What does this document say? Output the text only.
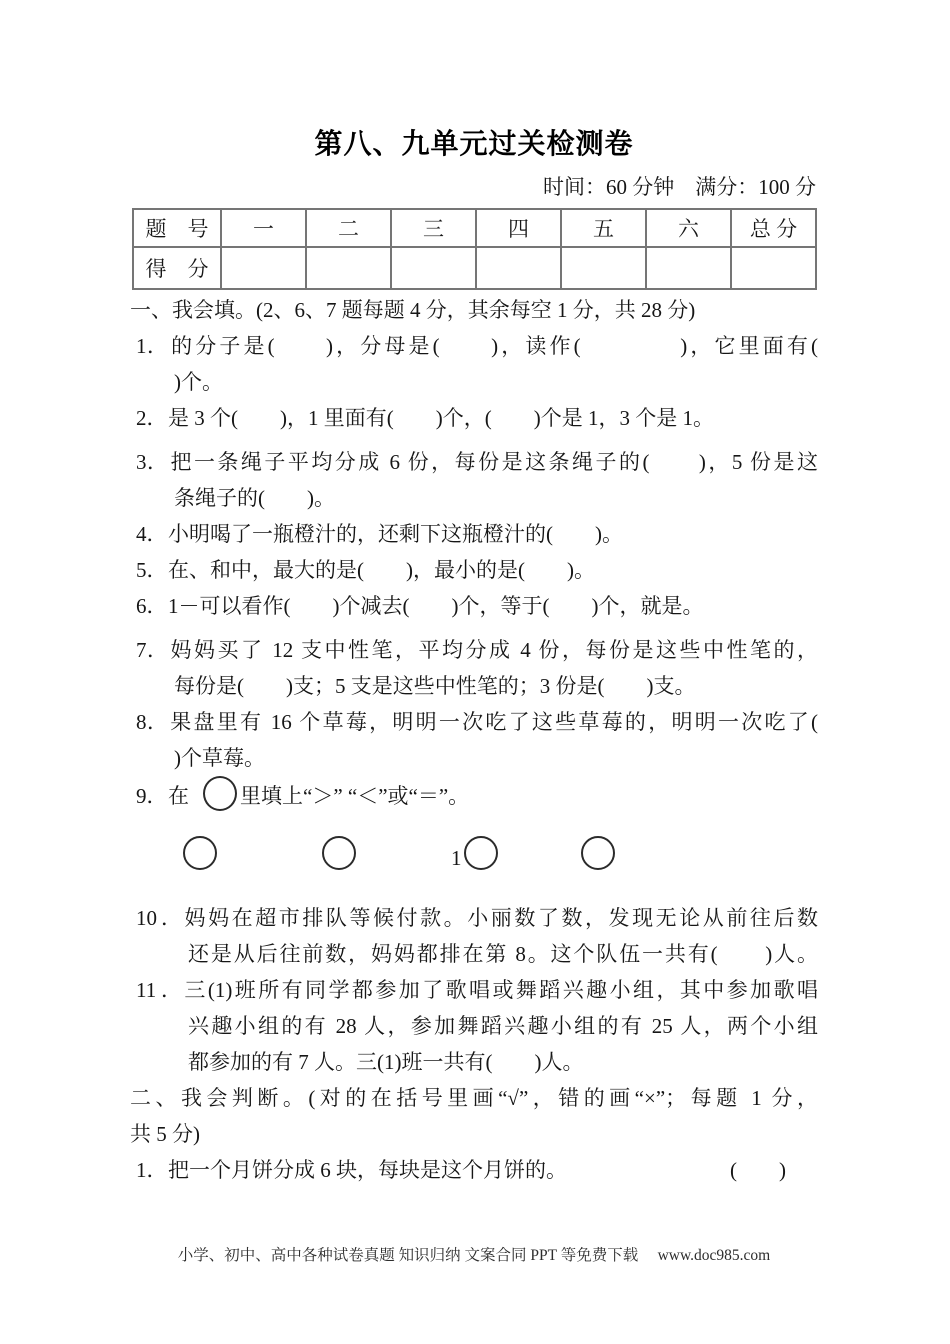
第八、九单元过关检测卷
时间：60 分钟　满分：100 分
题　号	一	二	三	四	五	六	总 分
得　分							
一、我会填。(2、6、7 题每题 4 分，其余每空 1 分，共 28 分)
1．的分子是(　　)，分母是(　　)，读作(　　　　)，它里面有(
)个。
2．是 3 个(　　)，1 里面有(　　)个，(　　)个是 1，3 个是 1。
3．把一条绳子平均分成 6 份，每份是这条绳子的(　　)，5 份是这
条绳子的(　　)。
4．小明喝了一瓶橙汁的，还剩下这瓶橙汁的(　　)。
5．在、和中，最大的是(　　)，最小的是(　　)。
6．1－可以看作(　　)个减去(　　)个，等于(　　)个，就是。
7．妈妈买了 12 支中性笔，平均分成 4 份，每份是这些中性笔的，
每份是(　　)支；5 支是这些中性笔的；3 份是(　　)支。
8．果盘里有 16 个草莓，明明一次吃了这些草莓的，明明一次吃了(
)个草莓。
9．在 里填上“＞” “＜”或“＝”。
1
10．妈妈在超市排队等候付款。小丽数了数，发现无论从前往后数
还是从后往前数，妈妈都排在第 8。这个队伍一共有(　　)人。
11．三(1)班所有同学都参加了歌唱或舞蹈兴趣小组，其中参加歌唱
兴趣小组的有 28 人，参加舞蹈兴趣小组的有 25 人，两个小组
都参加的有 7 人。三(1)班一共有(　　)人。
二、我会判断。(对的在括号里画“√”，错的画“×”；每题 1 分，
共 5 分)
1．把一个月饼分成 6 块，每块是这个月饼的。	(　　)
小学、初中、高中各种试卷真题 知识归纳 文案合同 PPT 等免费下载　 www.doc985.com
